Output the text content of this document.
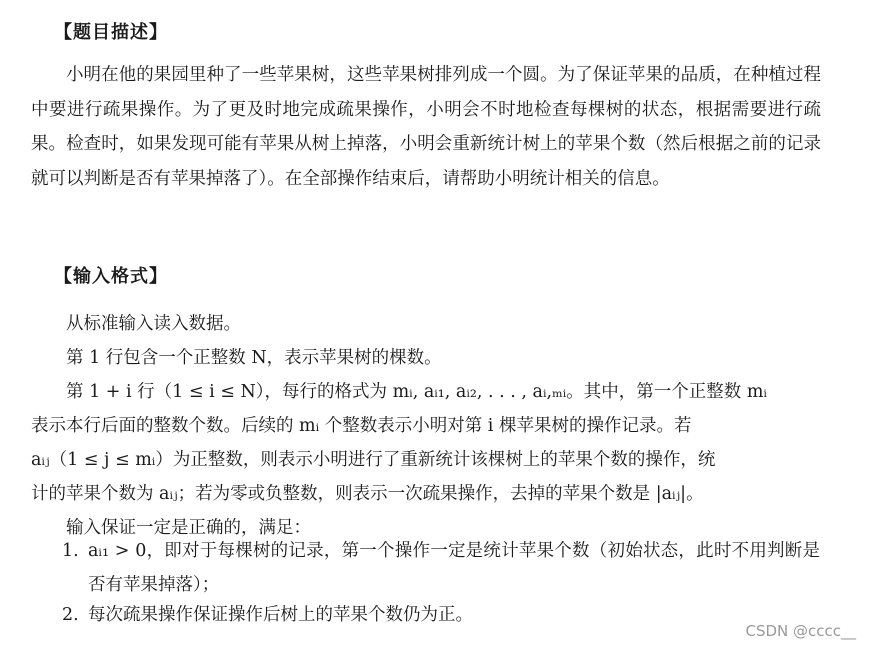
【题目描述】
小明在他的果园里种了一些苹果树，这些苹果树排列成一个圆。为了保证苹果的品质，在种植过程中要进行疏果操作。为了更及时地完成疏果操作，小明会不时地检查每棵树的状态，根据需要进行疏果。检查时，如果发现可能有苹果从树上掉落，小明会重新统计树上的苹果个数（然后根据之前的记录就可以判断是否有苹果掉落了）。在全部操作结束后，请帮助小明统计相关的信息。
【输入格式】
从标准输入读入数据。
第 1 行包含一个正整数 N，表示苹果树的棵数。
第 1 + i 行（1 ≤ i ≤ N），每行的格式为 mᵢ, aᵢ₁, aᵢ₂, . . . , aᵢ,ₘᵢ。其中，第一个正整数 mᵢ
表示本行后面的整数个数。后续的 mᵢ 个整数表示小明对第 i 棵苹果树的操作记录。若
aᵢⱼ（1 ≤ j ≤ mᵢ）为正整数，则表示小明进行了重新统计该棵树上的苹果个数的操作，统
计的苹果个数为 aᵢⱼ；若为零或负整数，则表示一次疏果操作，去掉的苹果个数是 |aᵢⱼ|。
输入保证一定是正确的，满足：
1. aᵢ₁ > 0，即对于每棵树的记录，第一个操作一定是统计苹果个数（初始状态，此时不用判断是否有苹果掉落）；
2. 每次疏果操作保证操作后树上的苹果个数仍为正。
CSDN @cccc__
